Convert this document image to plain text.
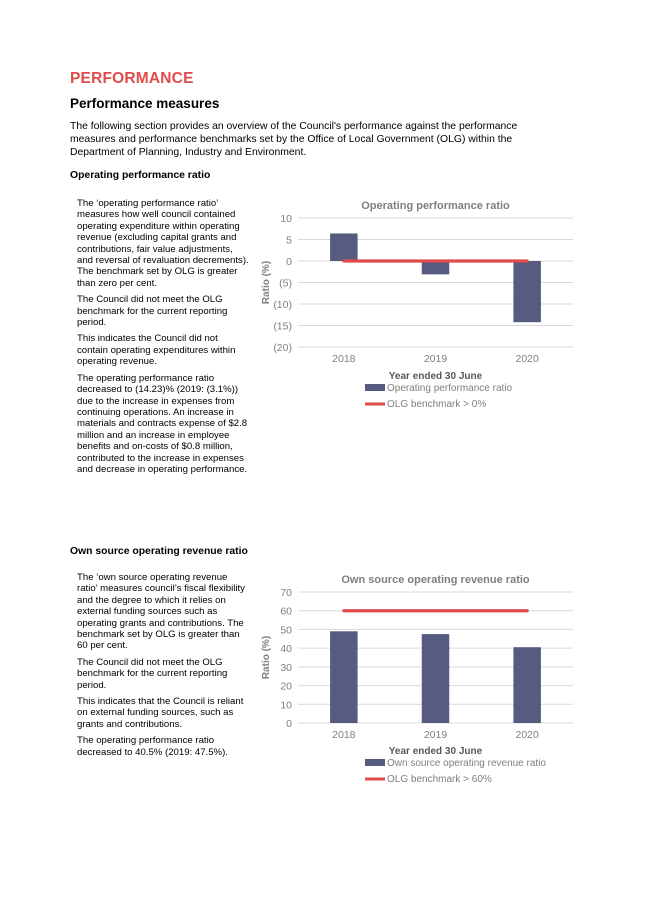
PERFORMANCE
Performance measures
The following section provides an overview of the Council's performance against the performance measures and performance benchmarks set by the Office of Local Government (OLG) within the Department of Planning, Industry and Environment.
Operating performance ratio

The ‘operating performance ratio’ measures how well council contained operating expenditure within operating revenue (excluding capital grants and contributions, fair value adjustments, and reversal of revaluation decrements). The benchmark set by OLG is greater than zero per cent.

The Council did not meet the OLG benchmark for the current reporting period.

This indicates the Council did not contain operating expenditures within operating revenue.

The operating performance ratio decreased to (14.23)% (2019: (3.1%)) due to the increase in expenses from continuing operations. An increase in materials and contracts expense of $2.8 million and an increase in employee benefits and on-costs of $0.8 million, contributed to the increase in expenses and decrease in operating performance.

Operating performance ratio
10
5
0
(5)
(10)
(15)
(20)
Ratio (%)
2018	2019	2020
Year ended 30 June
Operating performance ratio
OLG benchmark > 0%
Own source operating revenue ratio

The ‘own source operating revenue ratio’ measures council’s fiscal flexibility and the degree to which it relies on external funding sources such as operating grants and contributions. The benchmark set by OLG is greater than 60 per cent.

The Council did not meet the OLG benchmark for the current reporting period.

This indicates that the Council is reliant on external funding sources, such as grants and contributions.

The operating performance ratio decreased to 40.5% (2019: 47.5%).

Own source operating revenue ratio
70
60
50
40
30
20
10
0
Ratio (%)
2018	2019	2020
Year ended 30 June
Own source operating revenue ratio
OLG benchmark > 60%
